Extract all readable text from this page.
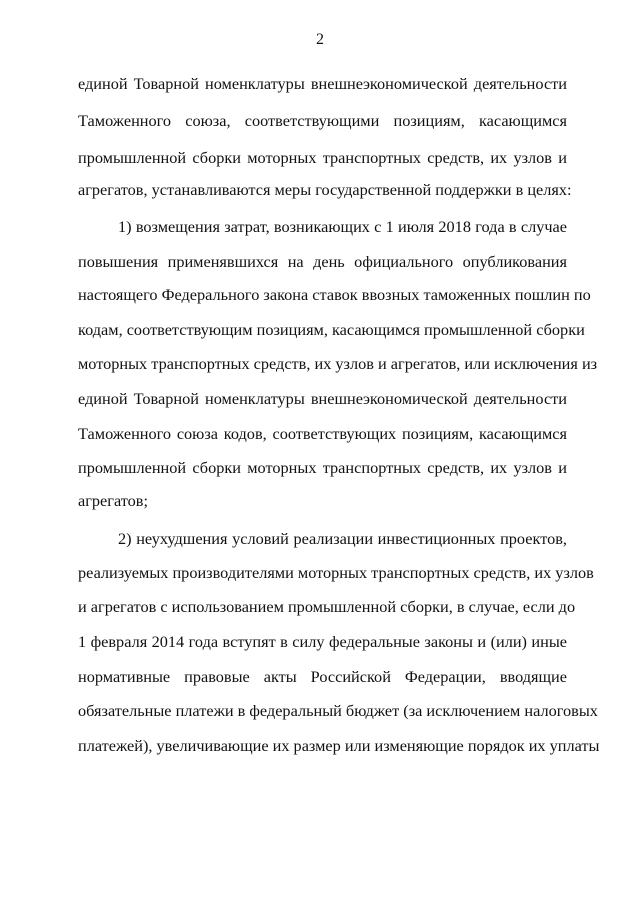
2
единой Товарной номенклатуры внешнеэкономической деятельности
Таможенного союза, соответствующими позициям, касающимся
промышленной сборки моторных транспортных средств, их узлов и
агрегатов, устанавливаются меры государственной поддержки в целях:
1) возмещения затрат, возникающих с 1 июля 2018 года в случае
повышения применявшихся на день официального опубликования
настоящего Федерального закона ставок ввозных таможенных пошлин по
кодам, соответствующим позициям, касающимся промышленной сборки
моторных транспортных средств, их узлов и агрегатов, или исключения из
единой Товарной номенклатуры внешнеэкономической деятельности
Таможенного союза кодов, соответствующих позициям, касающимся
промышленной сборки моторных транспортных средств, их узлов и
агрегатов;
2) неухудшения условий реализации инвестиционных проектов,
реализуемых производителями моторных транспортных средств, их узлов
и агрегатов с использованием промышленной сборки, в случае, если до
1 февраля 2014 года вступят в силу федеральные законы и (или) иные
нормативные правовые акты Российской Федерации, вводящие
обязательные платежи в федеральный бюджет (за исключением налоговых
платежей), увеличивающие их размер или изменяющие порядок их уплаты
